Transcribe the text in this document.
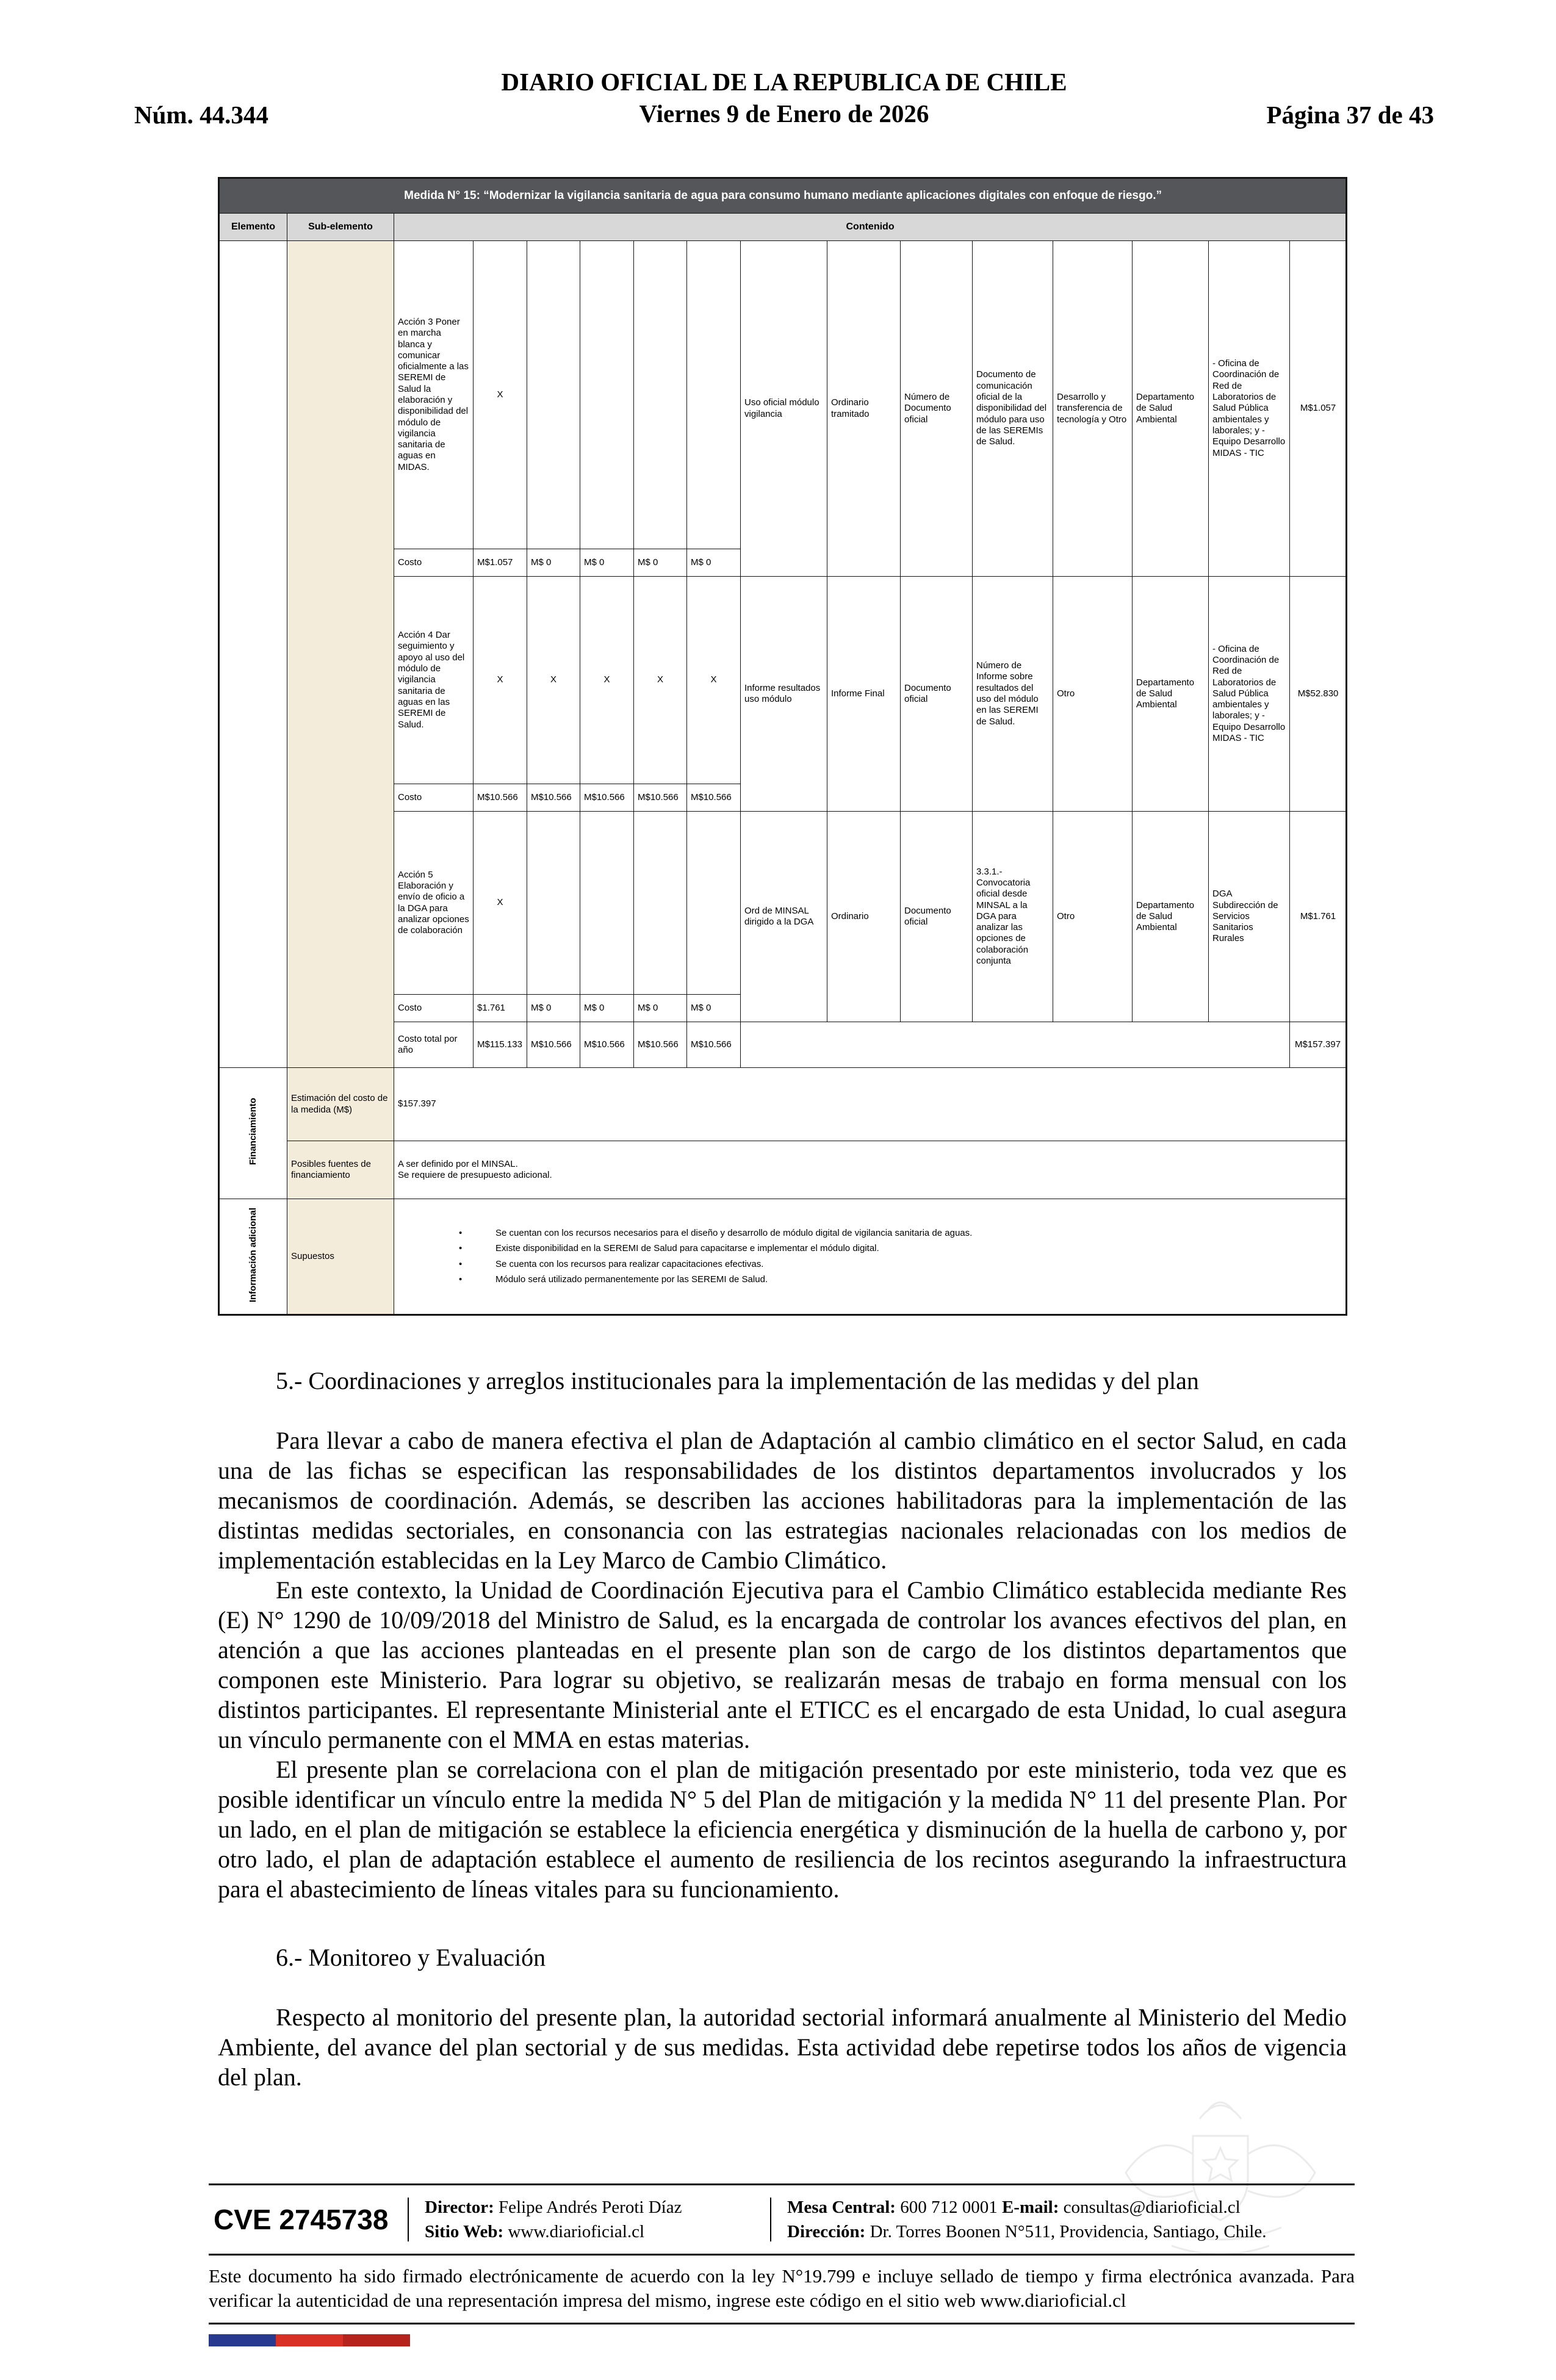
Núm. 44.344
DIARIO OFICIAL DE LA REPUBLICA DE CHILE
Viernes 9 de Enero de 2026	Página 37 de 43
Medida N° 15: “Modernizar la vigilancia sanitaria de agua para consumo humano mediante aplicaciones digitales con enfoque de riesgo.”															
Elemento	Sub-elemento	Contenido													
		Acción 3 Poner en marcha blanca y comunicar oficialmente a las SEREMI de Salud la elaboración y disponibilidad del módulo de vigilancia sanitaria de aguas en MIDAS.	X					Uso oficial módulo vigilancia	Ordinario tramitado	Número de Documento oficial	Documento de comunicación oficial de la disponibilidad del módulo para uso de las SEREMIs de Salud.	Desarrollo y transferencia de tecnología y Otro	Departamento de Salud Ambiental	- Oficina de Coordinación de Red de Laboratorios de Salud Pública ambientales y laborales; y - Equipo Desarrollo MIDAS - TIC	M$1.057
		Costo	M$1.057	M$ 0	M$ 0	M$ 0	M$ 0								
		Acción 4 Dar seguimiento y apoyo al uso del módulo de vigilancia sanitaria de aguas en las SEREMI de Salud.	X	X	X	X	X	Informe resultados uso módulo	Informe Final	Documento oficial	Número de Informe sobre resultados del uso del módulo en las SEREMI de Salud.	Otro	Departamento de Salud Ambiental	- Oficina de Coordinación de Red de Laboratorios de Salud Pública ambientales y laborales; y - Equipo Desarrollo MIDAS - TIC	M$52.830
		Costo	M$10.566	M$10.566	M$10.566	M$10.566	M$10.566								
		Acción 5 Elaboración y envío de oficio a la DGA para analizar opciones de colaboración	X					Ord de MINSAL dirigido a la DGA	Ordinario	Documento oficial	3.3.1.- Convocatoria oficial desde MINSAL a la DGA para analizar las opciones de colaboración conjunta	Otro	Departamento de Salud Ambiental	DGA Subdirección de Servicios Sanitarios Rurales	M$1.761
		Costo	$1.761	M$ 0	M$ 0	M$ 0	M$ 0								
		Costo total por año	M$115.133	M$10.566	M$10.566	M$10.566	M$10.566								M$157.397
Financiamiento	Estimación del costo de la medida (M$)	$157.397													
	Posibles fuentes de financiamiento	A ser definido por el MINSAL.
Se requiere de presupuesto adicional.													

Información adicional	Supuestos	
•	Se cuentan con los recursos necesarios para el diseño y desarrollo de módulo digital de vigilancia sanitaria de aguas.
•	Existe disponibilidad en la SEREMI de Salud para capacitarse e implementar el módulo digital.
•	Se cuenta con los recursos para realizar capacitaciones efectivas.
•	Módulo será utilizado permanentemente por las SEREMI de Salud.
5.- Coordinaciones y arreglos institucionales para la implementación de las medidas y del plan

Para llevar a cabo de manera efectiva el plan de Adaptación al cambio climático en el sector Salud, en cada una de las fichas se especifican las responsabilidades de los distintos departamentos involucrados y los mecanismos de coordinación. Además, se describen las acciones habilitadoras para la implementación de las distintas medidas sectoriales, en consonancia con las estrategias nacionales relacionadas con los medios de implementación establecidas en la Ley Marco de Cambio Climático.

En este contexto, la Unidad de Coordinación Ejecutiva para el Cambio Climático establecida mediante Res (E) N° 1290 de 10/09/2018 del Ministro de Salud, es la encargada de controlar los avances efectivos del plan, en atención a que las acciones planteadas en el presente plan son de cargo de los distintos departamentos que componen este Ministerio. Para lograr su objetivo, se realizarán mesas de trabajo en forma mensual con los distintos participantes. El representante Ministerial ante el ETICC es el encargado de esta Unidad, lo cual asegura un vínculo permanente con el MMA en estas materias.

El presente plan se correlaciona con el plan de mitigación presentado por este ministerio, toda vez que es posible identificar un vínculo entre la medida N° 5 del Plan de mitigación y la medida N° 11 del presente Plan. Por un lado, en el plan de mitigación se establece la eficiencia energética y disminución de la huella de carbono y, por otro lado, el plan de adaptación establece el aumento de resiliencia de los recintos asegurando la infraestructura para el abastecimiento de líneas vitales para su funcionamiento.

6.- Monitoreo y Evaluación

Respecto al monitorio del presente plan, la autoridad sectorial informará anualmente al Ministerio del Medio Ambiente, del avance del plan sectorial y de sus medidas. Esta actividad debe repetirse todos los años de vigencia del plan.

CVE 2745738 Director: Felipe Andrés Peroti Díaz
Sitio Web: www.diarioficial.cl
Mesa Central: 600 712 0001 E-mail: consultas@diarioficial.cl
Dirección: Dr. Torres Boonen N°511, Providencia, Santiago, Chile.

Este documento ha sido firmado electrónicamente de acuerdo con la ley N°19.799 e incluye sellado de tiempo y firma electrónica avanzada. Para verificar la autenticidad de una representación impresa del mismo, ingrese este código en el sitio web www.diarioficial.cl
